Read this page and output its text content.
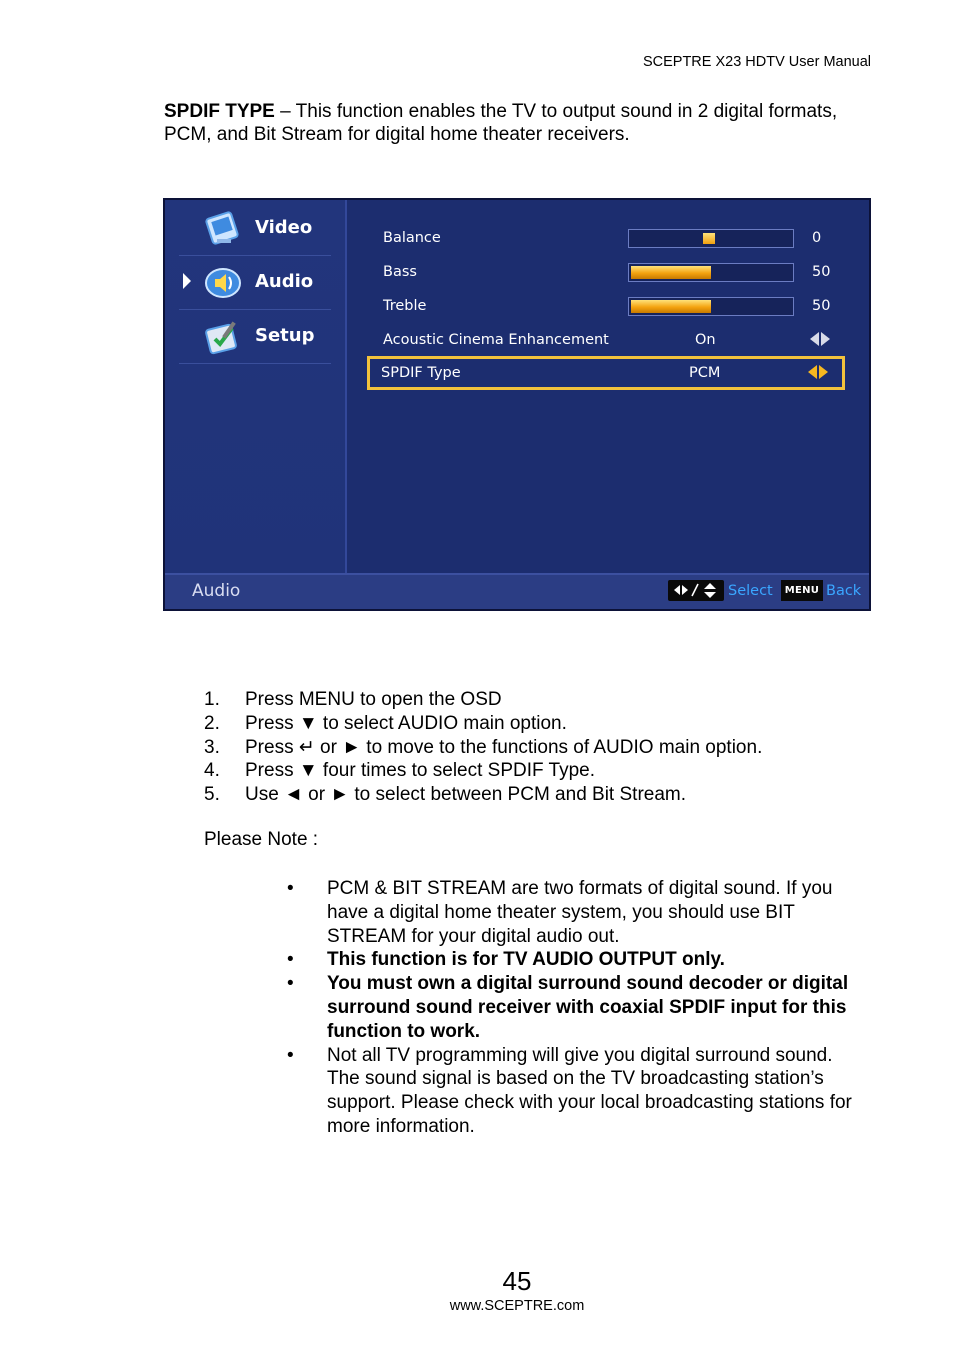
SCEPTRE X23 HDTV User Manual

SPDIF TYPE – This function enables the TV to output sound in 2 digital formats, PCM, and Bit Stream for digital home theater receivers.

Video
Audio
Setup
Balance	0
Bass	50
Treble	50
Acoustic Cinema Enhancement	On
SPDIF Type	PCM
Audio	Select	MENU Back
1. Press MENU to open the OSD
2. Press ▼ to select AUDIO main option.
3. Press ↵ or ► to move to the functions of AUDIO main option.
4. Press ▼ four times to select SPDIF Type.
5. Use ◄ or ► to select between PCM and Bit Stream.
Please Note :
• PCM & BIT STREAM are two formats of digital sound. If you have a digital home theater system, you should use BIT STREAM for your digital audio out.
• This function is for TV AUDIO OUTPUT only.
• You must own a digital surround sound decoder or digital surround sound receiver with coaxial SPDIF input for this function to work.
• Not all TV programming will give you digital surround sound. The sound signal is based on the TV broadcasting station’s support. Please check with your local broadcasting stations for more information.
45
www.SCEPTRE.com
